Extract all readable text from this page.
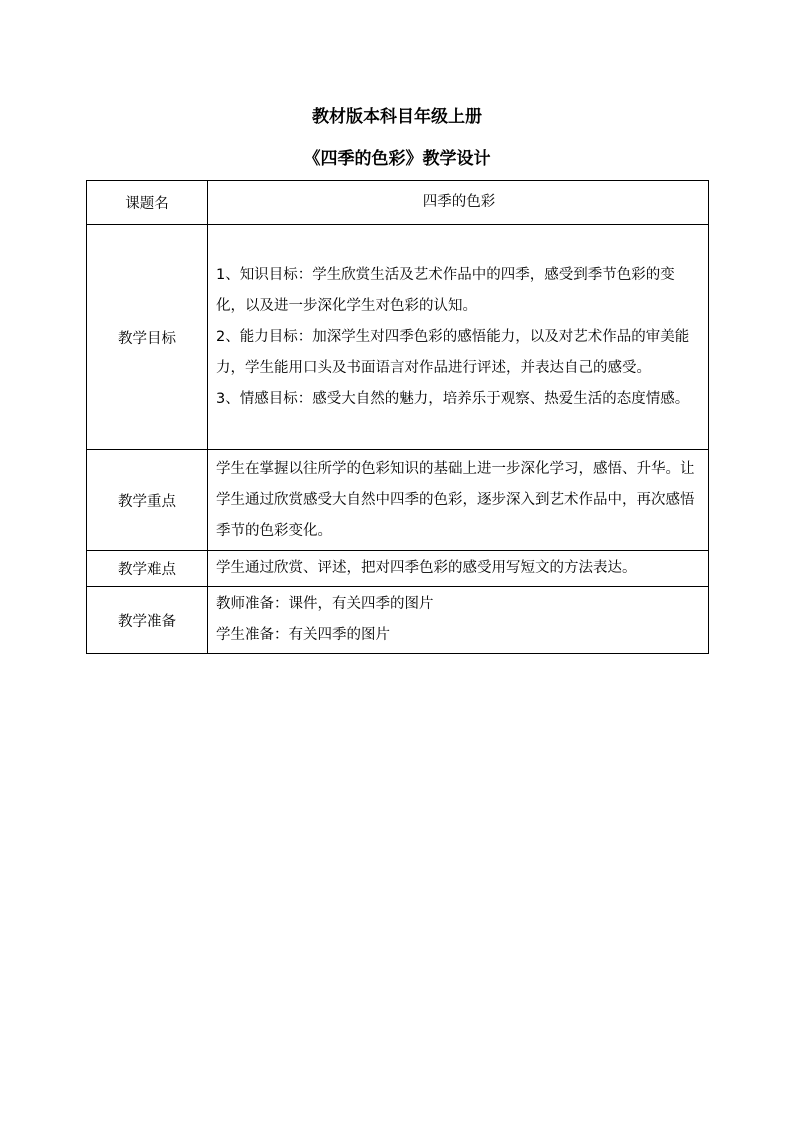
教材版本科目年级上册
《四季的色彩》教学设计
课题名	四季的色彩
教学目标	1、知识目标：学生欣赏生活及艺术作品中的四季，感受到季节色彩的变化，以及进一步深化学生对色彩的认知。
2、能力目标：加深学生对四季色彩的感悟能力，以及对艺术作品的审美能力，学生能用口头及书面语言对作品进行评述，并表达自己的感受。
3、情感目标：感受大自然的魅力，培养乐于观察、热爱生活的态度情感。

教学重点	学生在掌握以往所学的色彩知识的基础上进一步深化学习，感悟、升华。让学生通过欣赏感受大自然中四季的色彩，逐步深入到艺术作品中，再次感悟季节的色彩变化。
教学难点	学生通过欣赏、评述，把对四季色彩的感受用写短文的方法表达。
教学准备	教师准备：课件，有关四季的图片
学生准备：有关四季的图片
